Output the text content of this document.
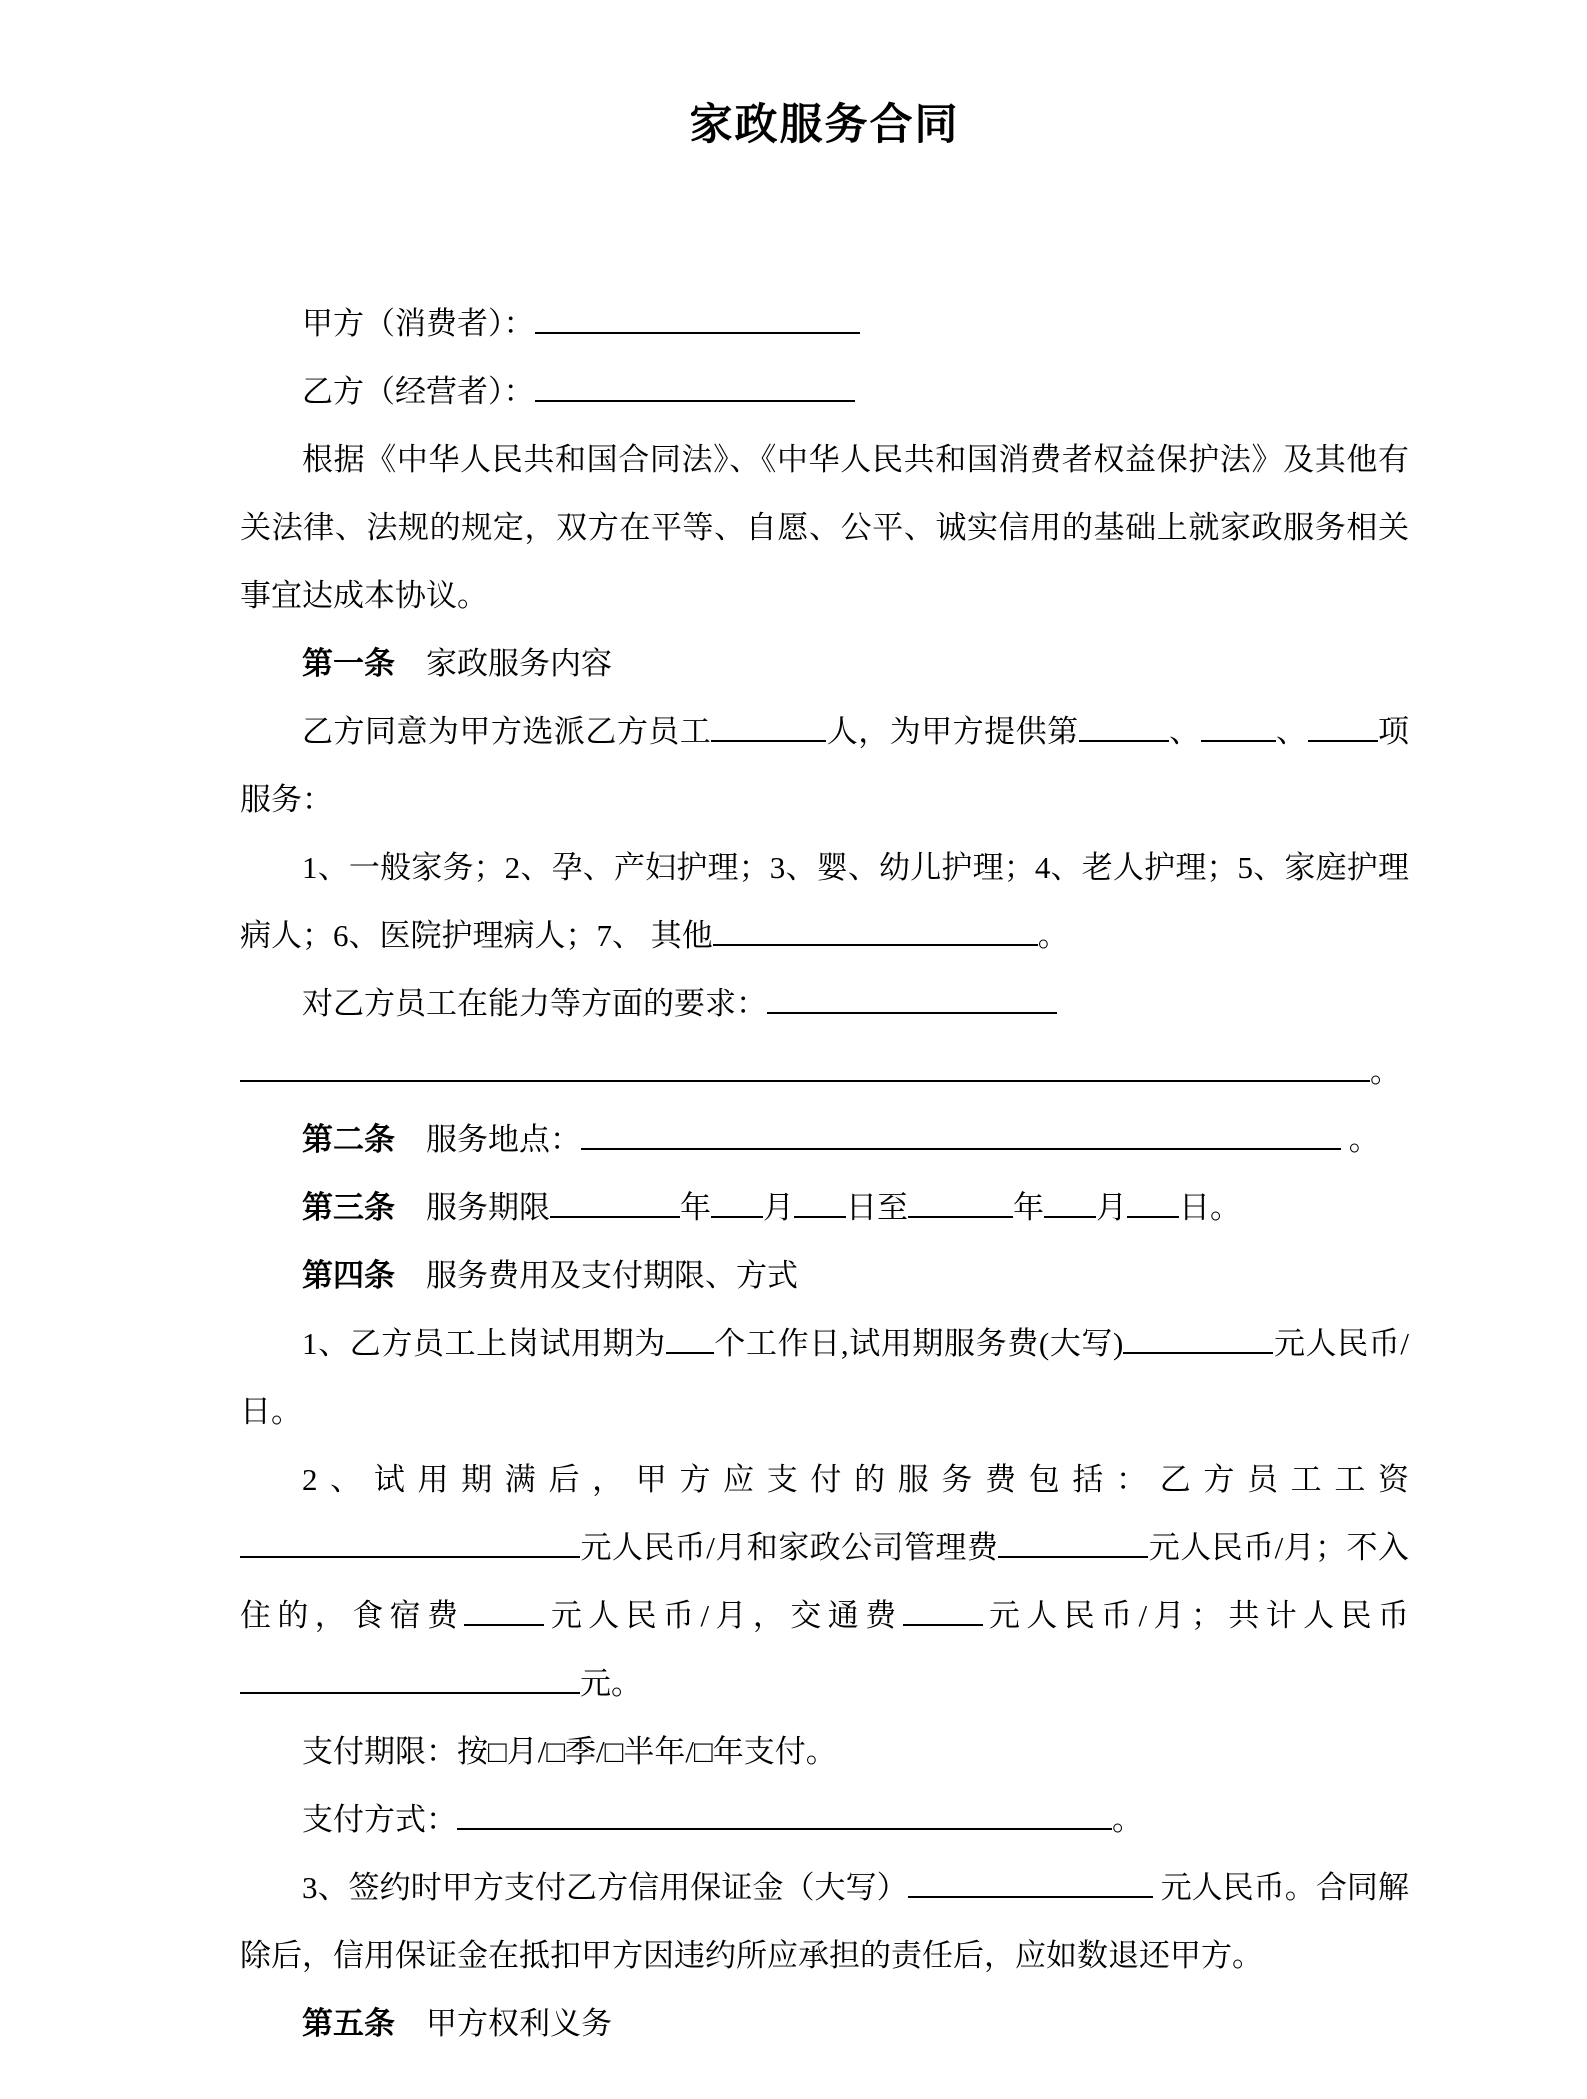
家政服务合同
甲方（消费者）：
乙方（经营者）：
根据《中华人民共和国合同法》、《中华人民共和国消费者权益保护法》及其他有关法律、法规的规定，双方在平等、自愿、公平、诚实信用的基础上就家政服务相关事宜达成本协议。
第一条　家政服务内容
乙方同意为甲方选派乙方员工	人，为甲方提供第	、 、 项服务：
1、一般家务；2、孕、产妇护理；3、婴、幼儿护理；4、老人护理；5、家庭护理病人；6、医院护理病人；7、 其他	。
对乙方员工在能力等方面的要求：。
第二条　服务地点：	。
第三条　服务期限	年 月 日至	年 月 日。
第四条　服务费用及支付期限、方式
1、乙方员工上岗试用期为 个工作日,试用期服务费(大写)	元人民币/日。
2、试用期满后，甲方应支付的服务费包括：乙方员工工资元人民币/月和家政公司管理费	元人民币/月；不入住的，食宿费	元人民币/月，交通费	元人民币/月；共计人民币元。
支付期限：按□月/□季/□半年/□年支付。
支付方式：	。
3、签约时甲方支付乙方信用保证金（大写）	元人民币。合同解除后，信用保证金在抵扣甲方因违约所应承担的责任后，应如数退还甲方。
第五条　甲方权利义务
